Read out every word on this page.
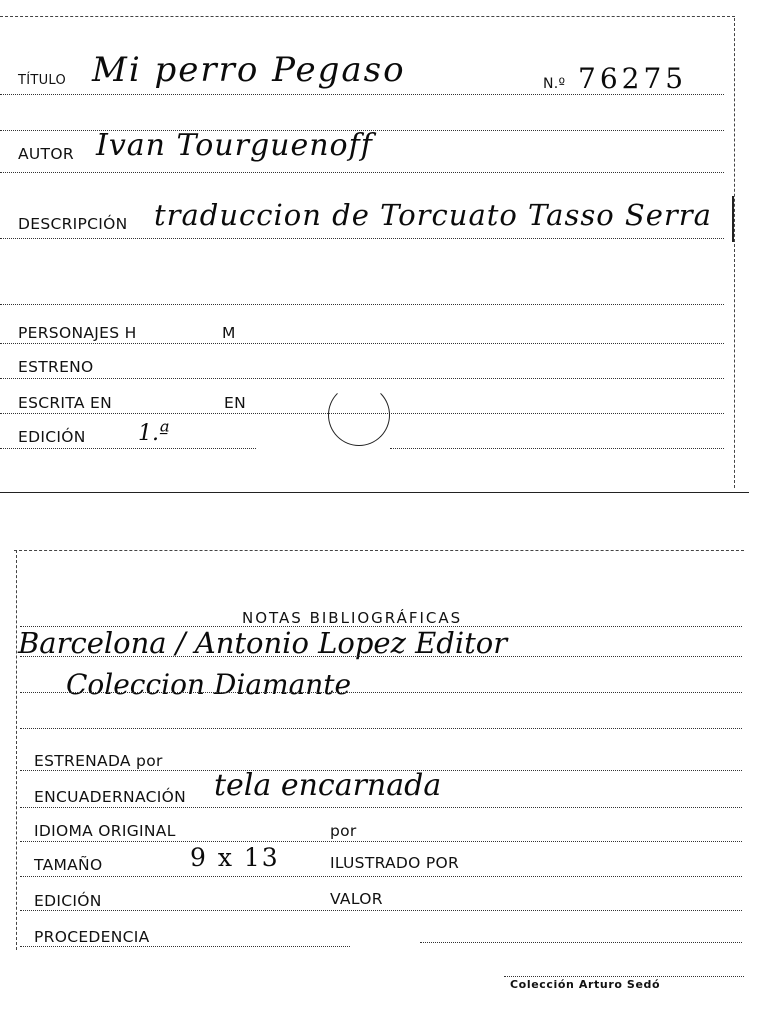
TÍTULO Mi perro Pegaso	N.º 76275
AUTOR Ivan Tourguenoff
DESCRIPCIÓN traduccion de Torcuato Tasso Serra
PERSONAJES H	M
ESTRENO
ESCRITA EN	EN
EDICIÓN 1.ª
NOTAS BIBLIOGRÁFICAS
Barcelona / Antonio Lopez Editor
Coleccion Diamante
ESTRENADA por
ENCUADERNACIÓN tela encarnada
IDIOMA ORIGINAL	por
TAMAÑO	9 x 13	ILUSTRADO POR
EDICIÓN	VALOR
PROCEDENCIA
Colección Arturo Sedó
